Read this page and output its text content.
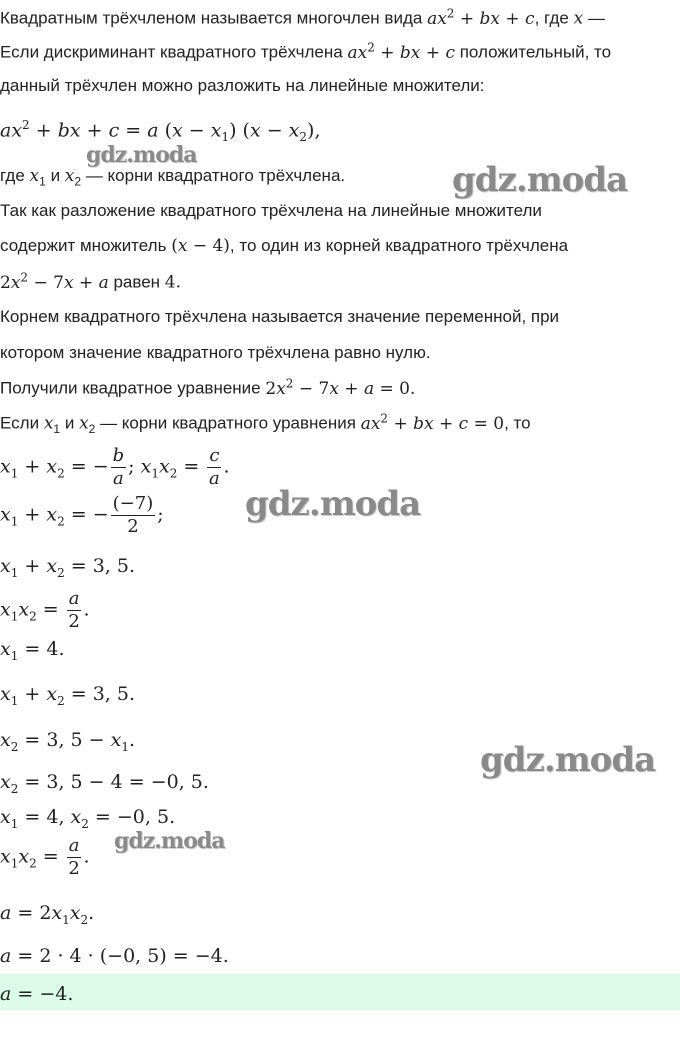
Квадратным трёхчленом называется многочлен вида $ax^2$ + bx + c, где x —
Если дискриминант квадратного трёхчлена $ax^2$ + bx + c положительный, то
данный трёхчлен можно разложить на линейные множители:
$ax^2$ + bx + c = a $(x - x_1)$ $(x - x_2)$,
где $x_1$ и $x_2$ — корни квадратного трёхчлена.
Так как разложение квадратного трёхчлена на линейные множители
содержит множитель (x − 4), то один из корней квадратного трёхчлена
$2x^2 - 7x + a$ равен 4.
Корнем квадратного трёхчлена называется значение переменной, при
котором значение квадратного трёхчлена равно нулю.
Получили квадратное уравнение $2x^2 - 7x + a = 0$.
Если $x_1$ и $x_2$ — корни квадратного уравнения $ax^2$ + bx + c = 0, то
$x_1 + x_2$ = − $\frac{b}{a}$ ; $x_1x_2 = \frac{c}{a}$ .
$x_1 + x_2$ = − $\frac{(-7)}{2}$ ;
$x_1 + x_2 = 3$, 5.
$x_1x_2 = \frac{a}{2}$ .
$x_1 = 4$.
$x_1 + x_2 = 3$, 5.
$x_2 = 3$, $5 - x_1$.
$x_2 = 3$, 5 − 4 = −0, 5.
$x_1 = 4$, $x_2 = -0$, 5.
$x_1x_2 = \frac{a}{2}$ .
$a = 2x_1x_2$.
a = 2 · 4 · (−0, 5) = −4.
a = −4.
gdz.moda
gdz.moda
gdz.moda
gdz.moda
gdz.moda
